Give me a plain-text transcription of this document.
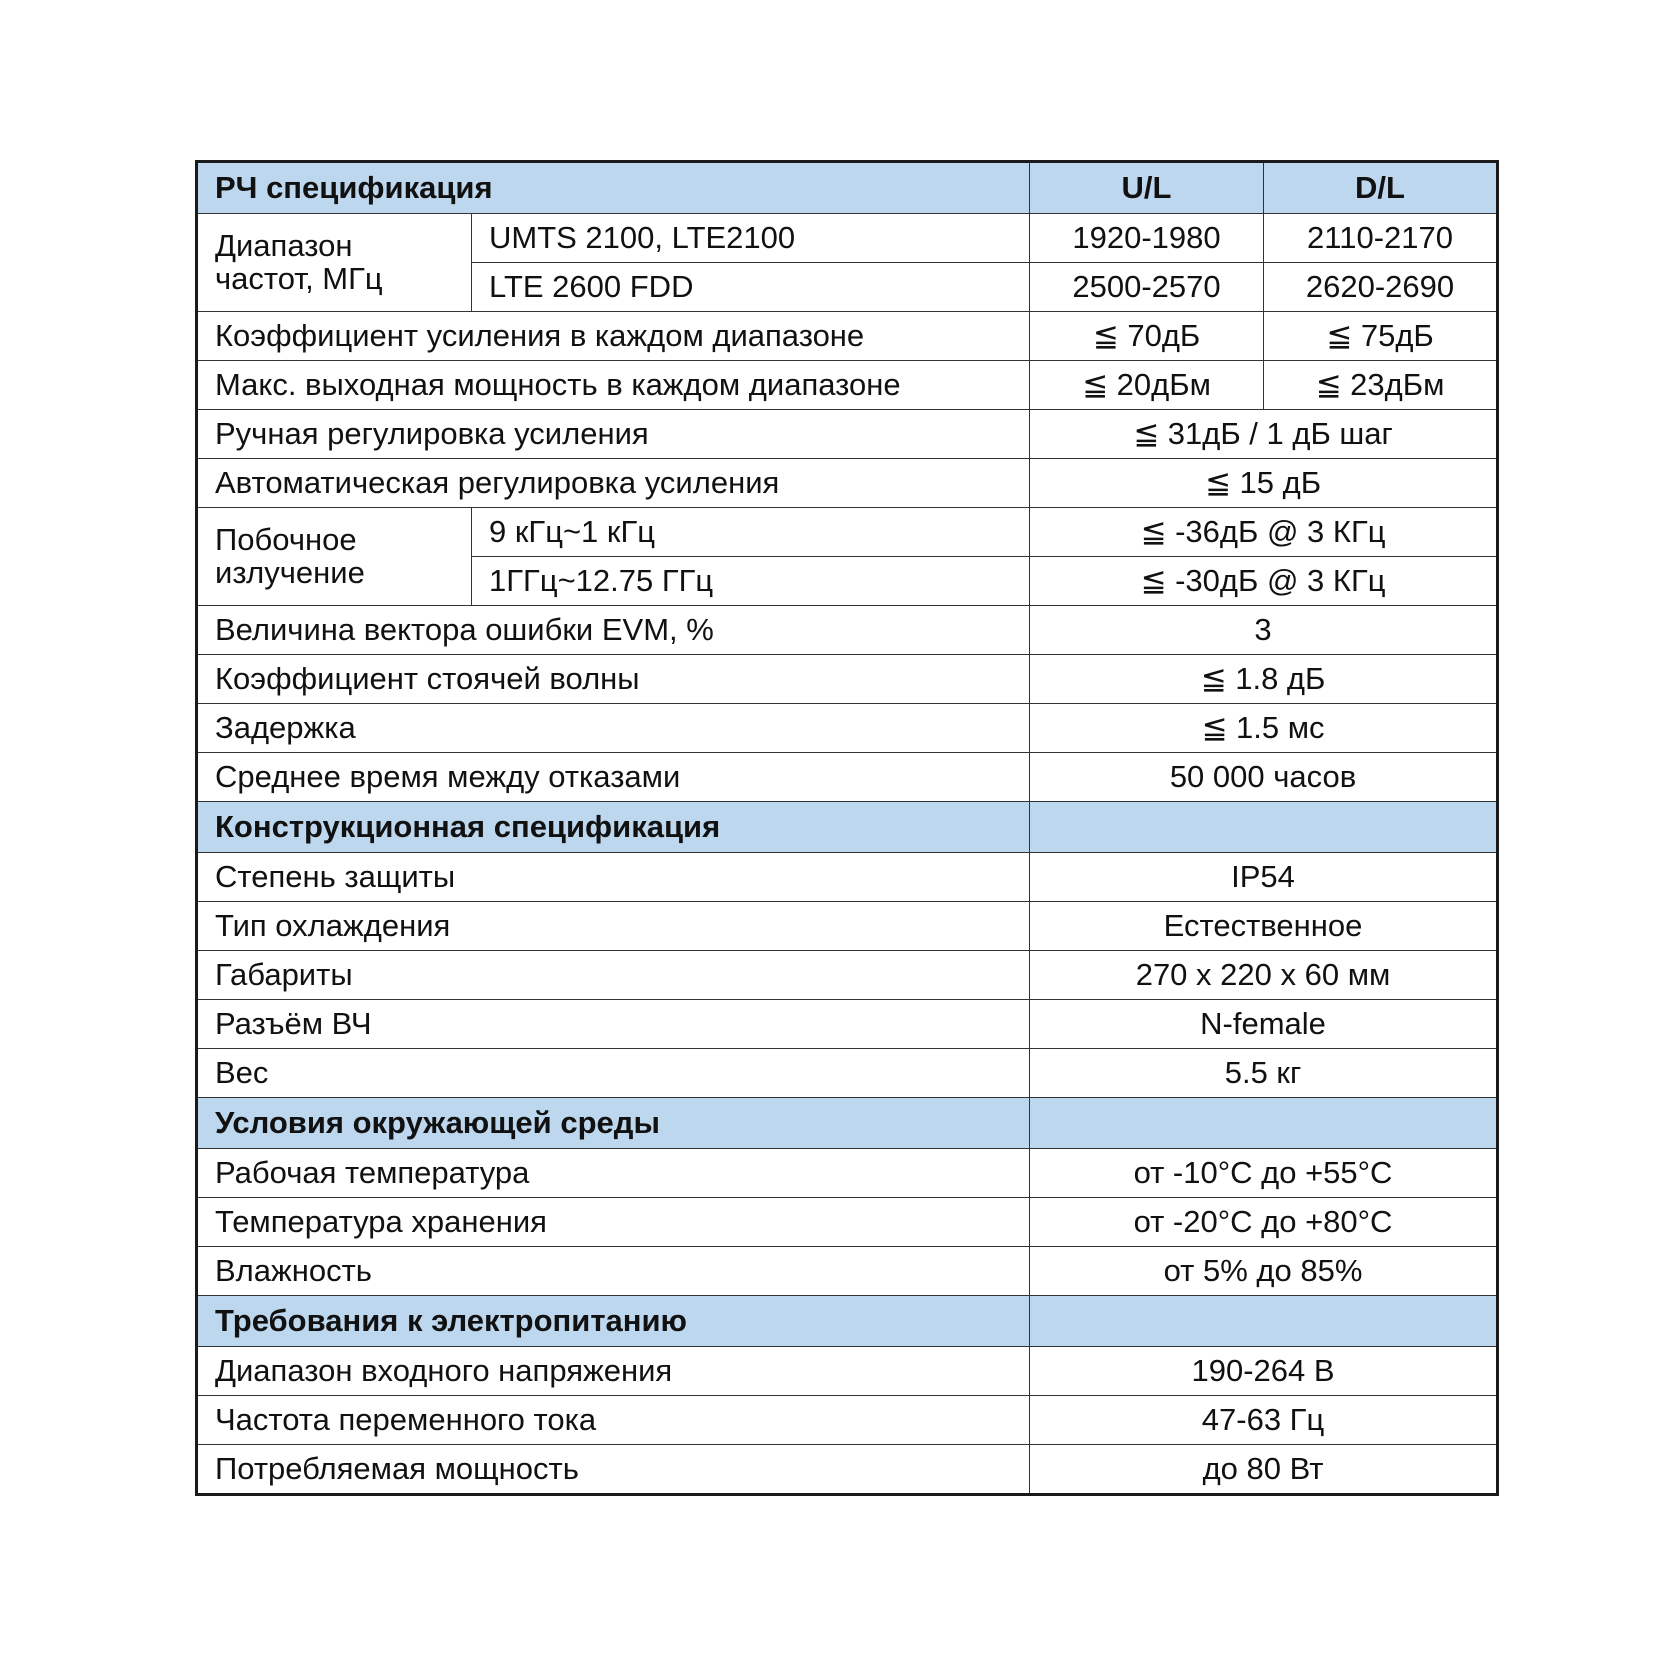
РЧ спецификация		U/L	D/L
Диапазон частот, МГц	UMTS 2100, LTE2100	1920-1980	2110-2170
	LTE 2600 FDD	2500-2570	2620-2690
Коэффициент усиления в каждом диапазоне		≦ 70дБ	≦ 75дБ
Макс. выходная мощность в каждом диапазоне		≦ 20дБм	≦ 23дБм
Ручная регулировка усиления		≦ 31дБ / 1 дБ шаг	
Автоматическая регулировка усиления		≦ 15 дБ	
Побочное излучение	9 кГц~1 кГц	≦ -36дБ @ 3 КГц	
	1ГГц~12.75 ГГц	≦ -30дБ @ 3 КГц	
Величина вектора ошибки EVM, %		3	
Коэффициент стоячей волны		≦ 1.8 дБ	
Задержка		≦ 1.5 мс	
Среднее время между отказами		50 000 часов	
Конструкционная спецификация			
Степень защиты		IP54	
Тип охлаждения		Естественное	
Габариты		270 x 220 x 60 мм	
Разъём ВЧ		N-female	
Вес		5.5 кг	
Условия окружающей среды			
Рабочая температура		от -10°C до +55°C	
Температура хранения		от -20°C до +80°C	
Влажность		от 5% до 85%	
Требования к электропитанию			
Диапазон входного напряжения		190-264 В	
Частота переменного тока		47-63 Гц	
Потребляемая мощность		до 80 Вт	
